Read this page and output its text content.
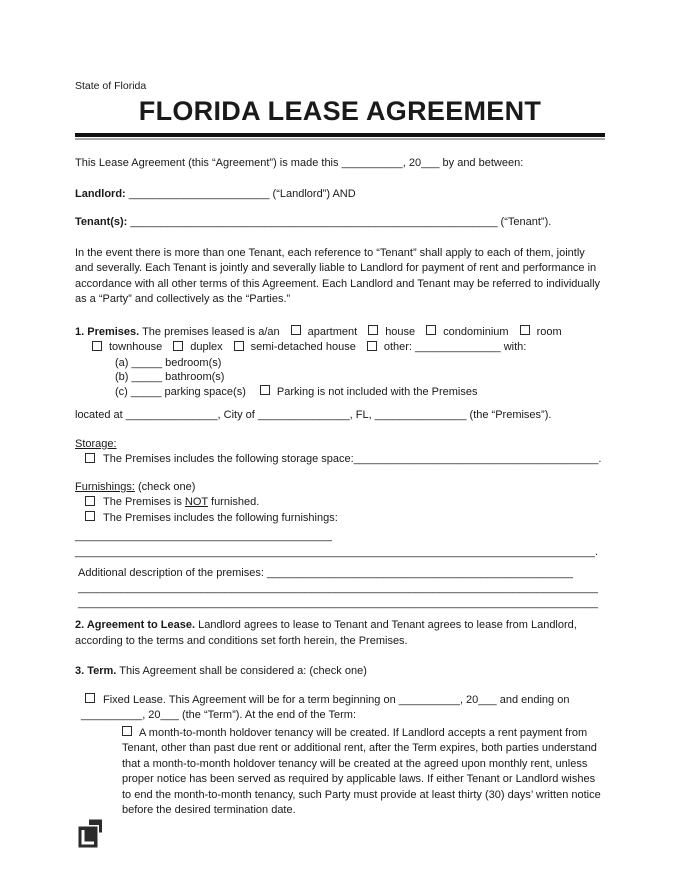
State of Florida
FLORIDA LEASE AGREEMENT

This Lease Agreement (this “Agreement”) is made this __________, 20___ by and between:

Landlord: _______________________ (“Landlord”) AND

Tenant(s): ____________________________________________________________ (“Tenant”).

In the event there is more than one Tenant, each reference to “Tenant” shall apply to each of them, jointly and severally. Each Tenant is jointly and severally liable to Landlord for payment of rent and performance in accordance with all other terms of this Agreement. Each Landlord and Tenant may be referred to individually as a “Party” and collectively as the “Parties.”

1. Premises. The premises leased is a/an	apartment	house	condominium	room

townhouse	duplex	semi-detached house	other: ______________ with:

(a) _____ bedroom(s)

(b) _____ bathroom(s)

(c) _____ parking space(s)	Parking is not included with the Premises

located at _______________, City of _______________, FL, _______________ (the “Premises”).

Storage:

The Premises includes the following storage space:________________________________________.

Furnishings: (check one)

The Premises is NOT furnished.

The Premises includes the following furnishings:

__________________________________________

_____________________________________________________________________________________.

Additional description of the premises: __________________________________________________

_____________________________________________________________________________________

_____________________________________________________________________________________

2. Agreement to Lease. Landlord agrees to lease to Tenant and Tenant agrees to lease from Landlord, according to the terms and conditions set forth herein, the Premises.

3. Term. This Agreement shall be considered a: (check one)

Fixed Lease. This Agreement will be for a term beginning on __________, 20___ and ending on

__________, 20___ (the “Term”). At the end of the Term:

A month-to-month holdover tenancy will be created. If Landlord accepts a rent payment from Tenant, other than past due rent or additional rent, after the Term expires, both parties understand that a month-to-month holdover tenancy will be created at the agreed upon monthly rent, unless proper notice has been served as required by applicable laws. If either Tenant or Landlord wishes to end the month-to-month tenancy, such Party must provide at least thirty (30) days’ written notice before the desired termination date.
